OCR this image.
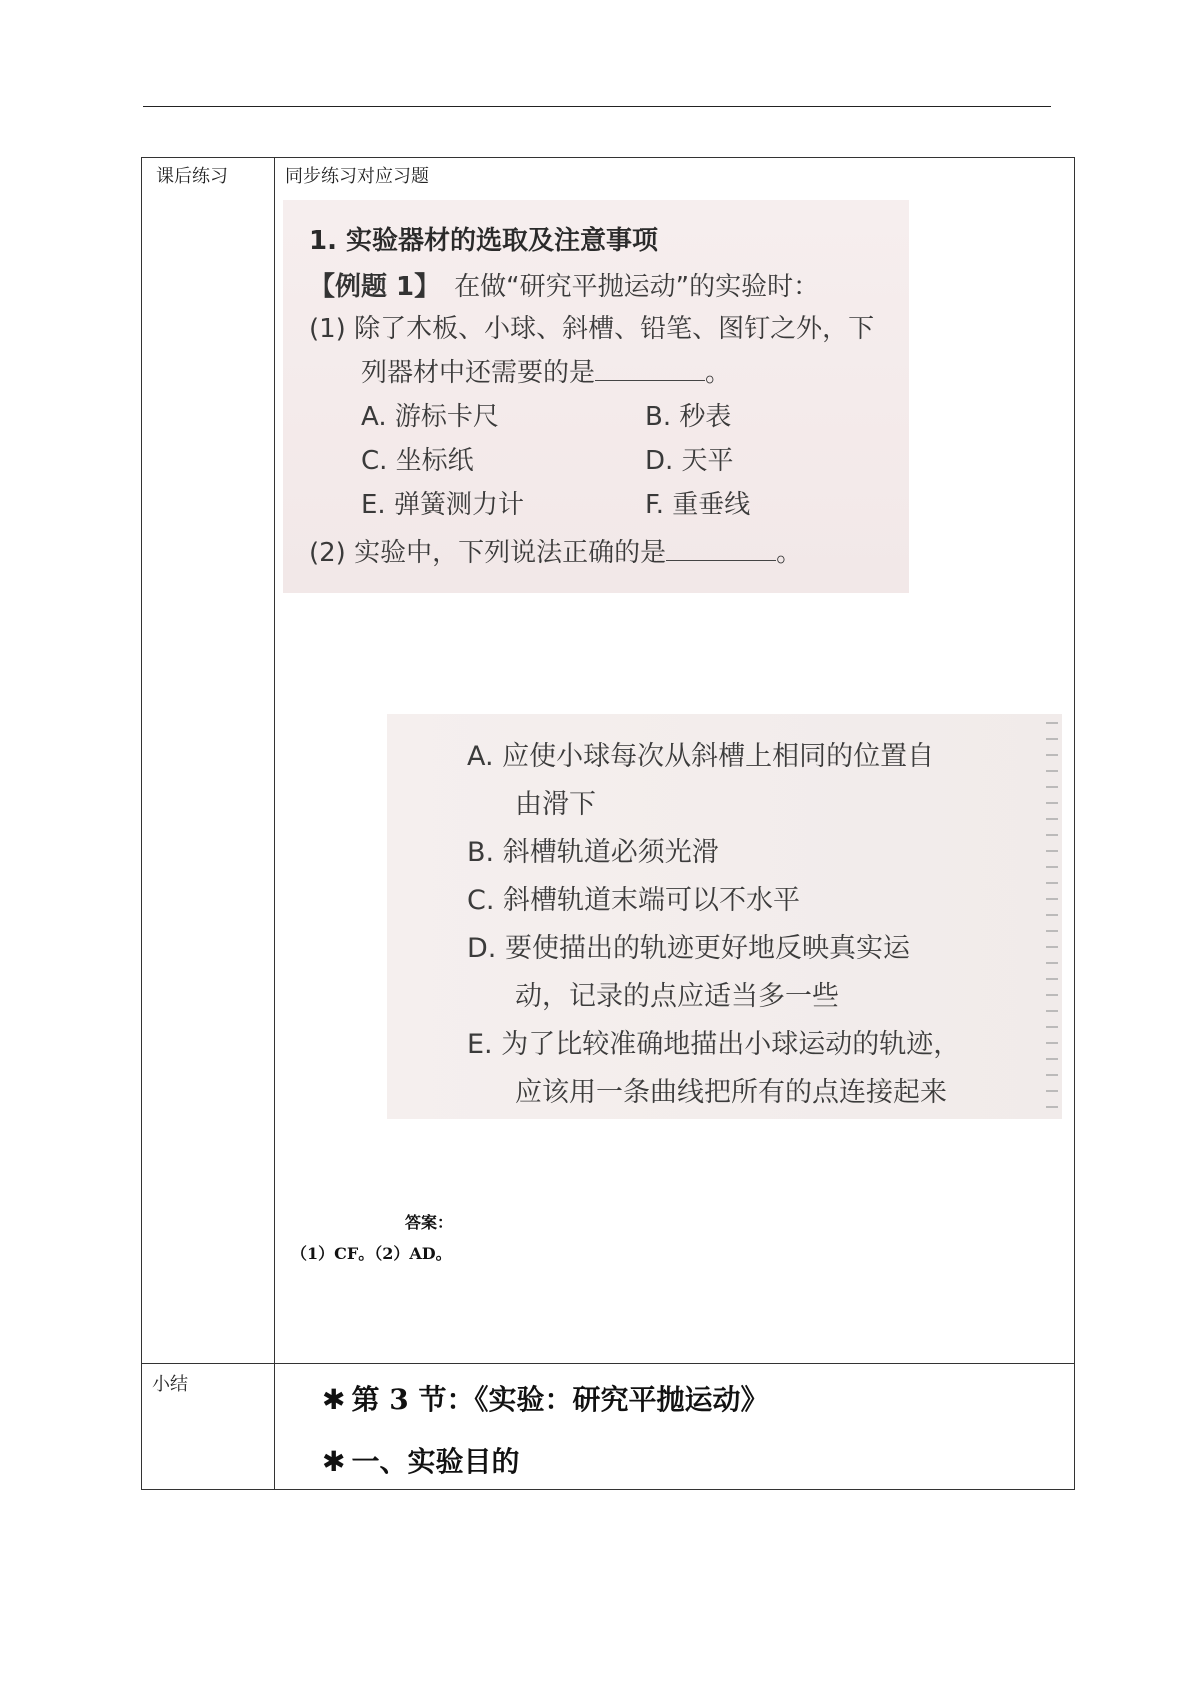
课后练习	同步练习对应习题
1. 实验器材的选取及注意事项
【例题 1】 在做“研究平抛运动”的实验时：
(1) 除了木板、小球、斜槽、铅笔、图钉之外，下
列器材中还需要的是	。
A. 游标卡尺	B. 秒表
C. 坐标纸	D. 天平
E. 弹簧测力计	F. 重垂线
(2) 实验中，下列说法正确的是	。
A. 应使小球每次从斜槽上相同的位置自
由滑下
B. 斜槽轨道必须光滑
C. 斜槽轨道末端可以不水平
D. 要使描出的轨迹更好地反映真实运
动，记录的点应适当多一些
E. 为了比较准确地描出小球运动的轨迹，
应该用一条曲线把所有的点连接起来
答案：
（1）CF。（2）AD。
小结	✱ 第 3 节：《实验：研究平抛运动》
✱ 一、实验目的
